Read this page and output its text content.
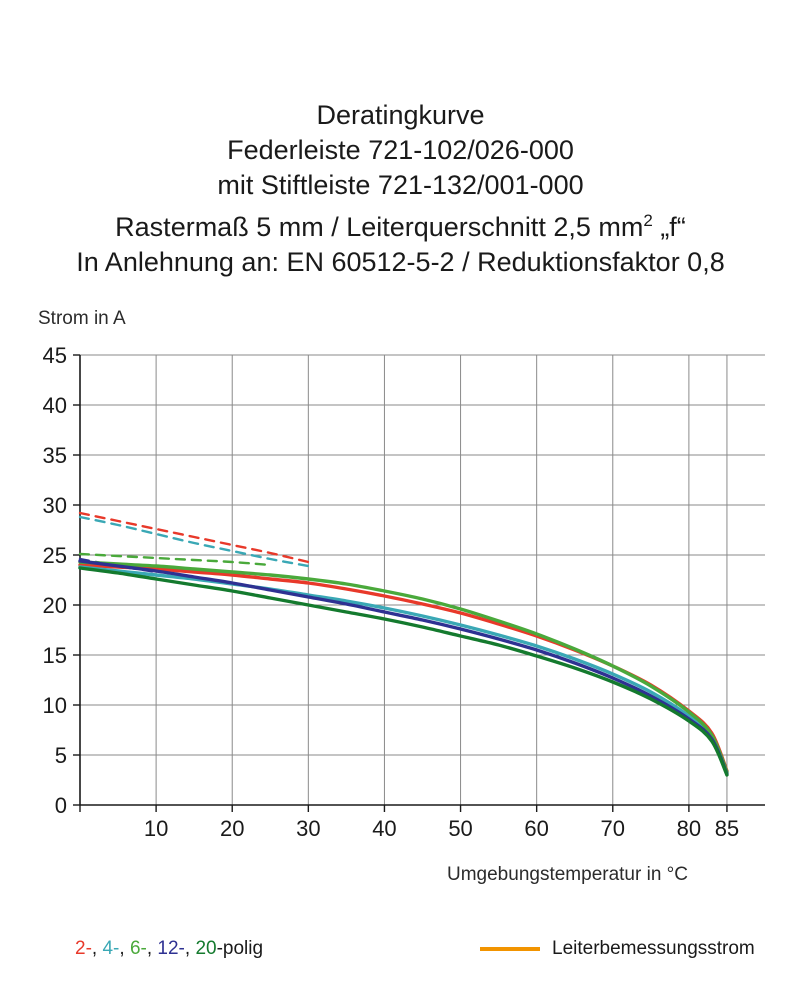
Deratingkurve
Federleiste 721-102/026-000
mit Stiftleiste 721-132/001-000
Rastermaß 5 mm / Leiterquerschnitt 2,5 $mm^2$ „f“
In Anlehnung an: EN 60512-5-2 / Reduktionsfaktor 0,8
Strom in A
Umgebungstemperatur in °C
0
5
10
15
20
25
30
35
40
45
10 20 30 40 50 60 70 80 85
2-, 4-, 6-, 12-, 20-polig	Leiterbemessungsstrom
